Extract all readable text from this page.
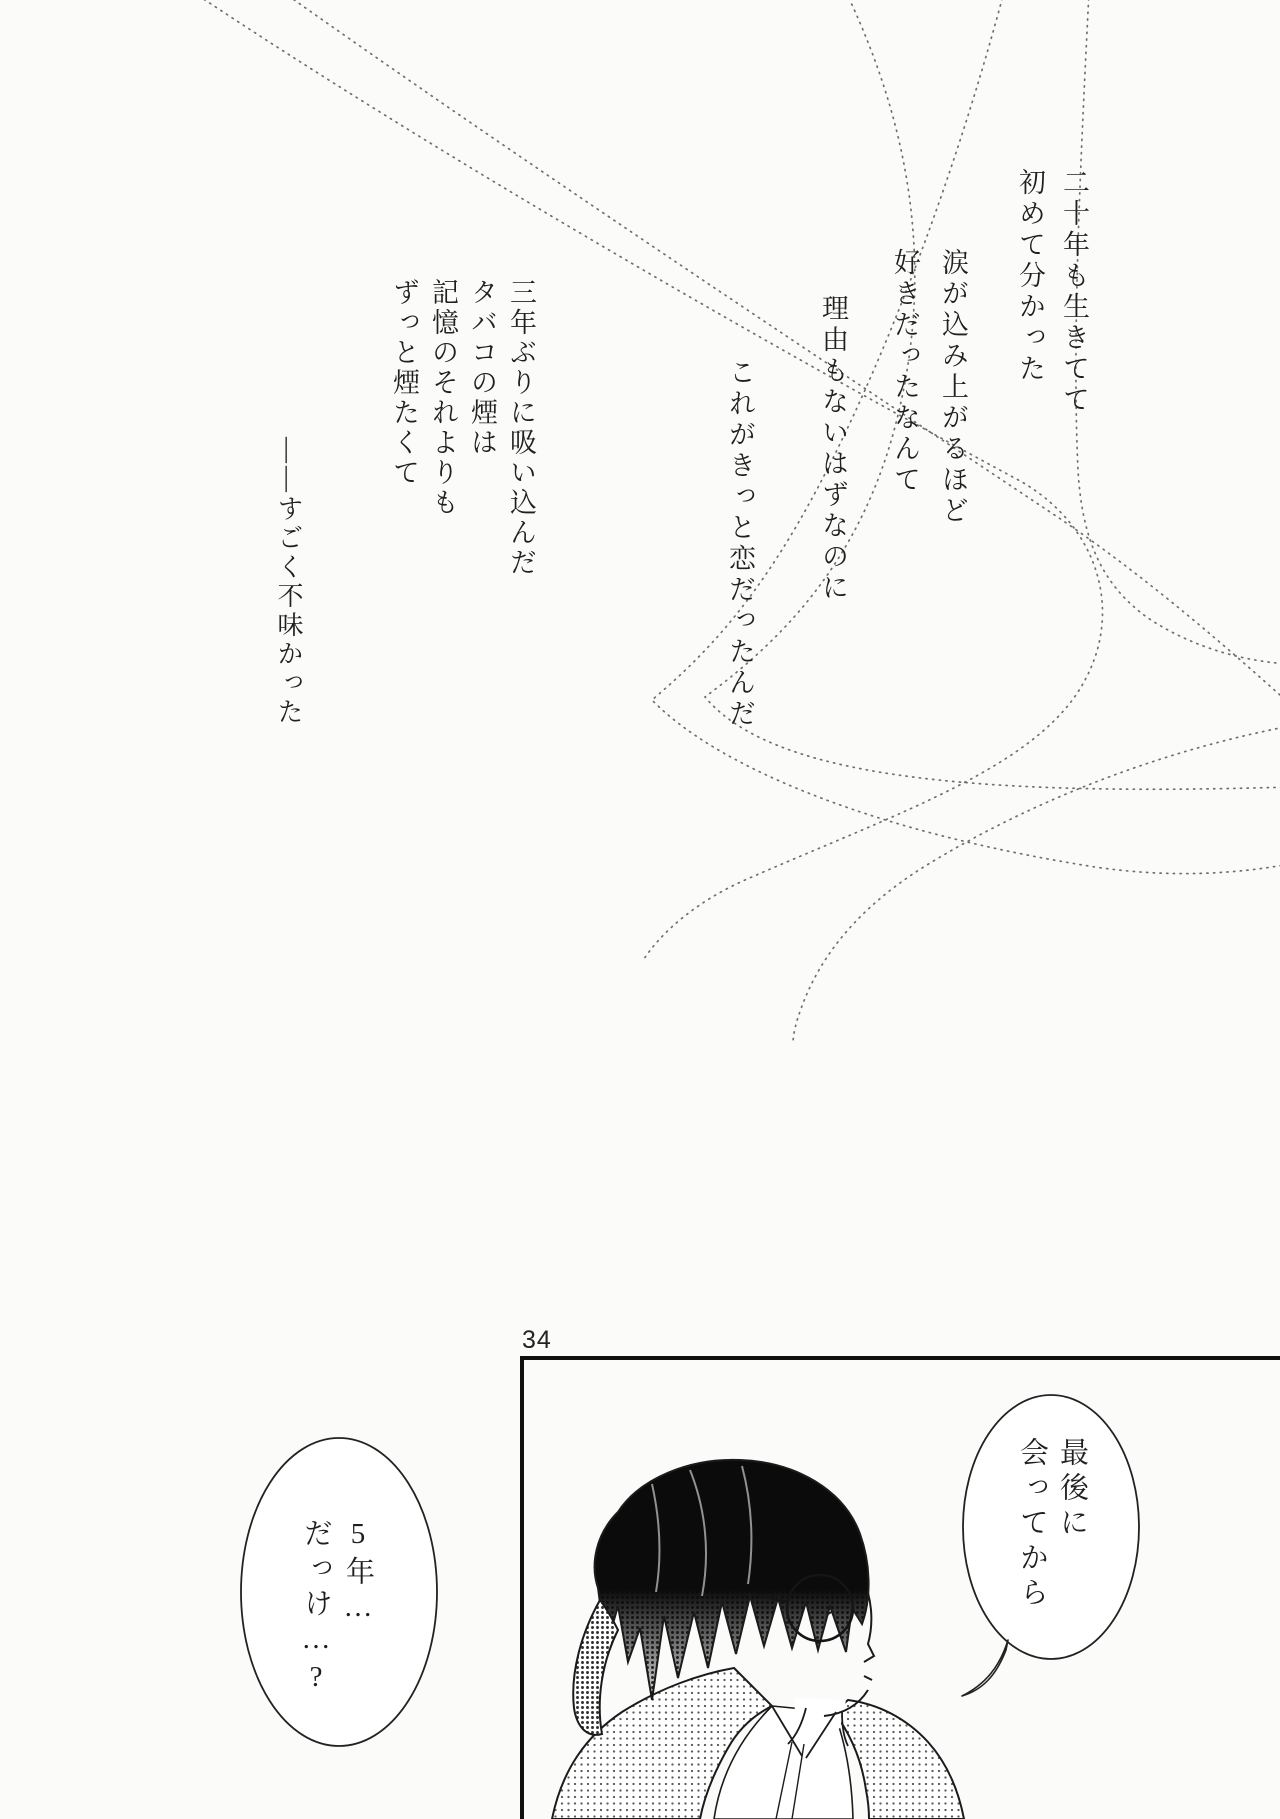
34
二十年も生きてて
初めて分かった
涙が込み上がるほど
好きだったなんて
理由もないはずなのに
これがきっと恋だったんだ
三年ぶりに吸い込んだ
タバコの煙は
記憶のそれよりも
ずっと煙たくて
――すごく不味かった
最後に
会ってから
5年…
だっけ…?
